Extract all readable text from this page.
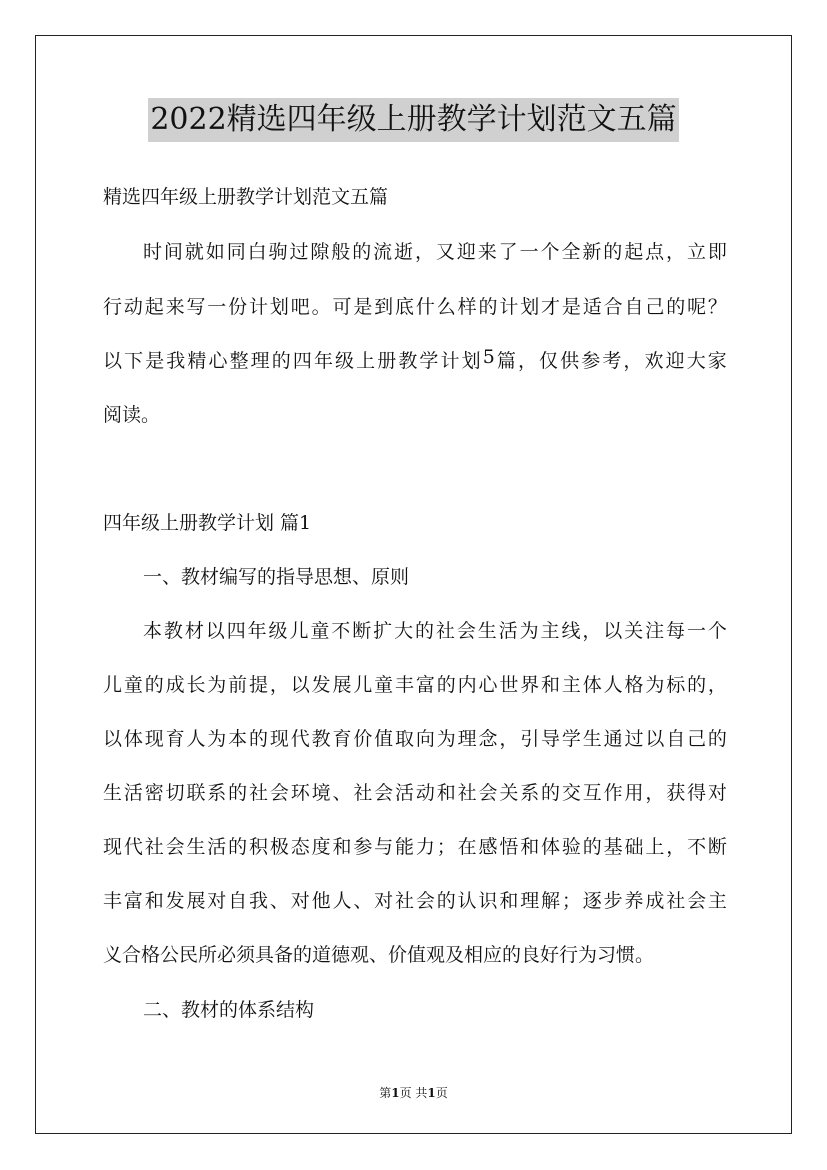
2022精选四年级上册教学计划范文五篇
精选四年级上册教学计划范文五篇
时 间 就 如 同 白 驹 过 隙 般 的 流 逝 ， 又 迎 来 了 一 个 全 新 的 起 点 ， 立 即
行 动 起 来 写 一 份 计 划 吧 。 可 是 到 底 什 么 样 的 计 划 才 是 适 合 自 己 的 呢 ？
以 下 是 我 精 心 整 理 的 四 年 级 上 册 教 学 计 划 5 篇 ， 仅 供 参 考 ， 欢 迎 大 家
阅读。
四年级上册教学计划 篇1
一、教材编写的指导思想、原则
本 教 材 以 四 年 级 儿 童 不 断 扩 大 的 社 会 生 活 为 主 线 ， 以 关 注 每 一 个
儿 童 的 成 长 为 前 提 ， 以 发 展 儿 童 丰 富 的 内 心 世 界 和 主 体 人 格 为 标 的 ，
以 体 现 育 人 为 本 的 现 代 教 育 价 值 取 向 为 理 念 ， 引 导 学 生 通 过 以 自 己 的
生 活 密 切 联 系 的 社 会 环 境 、 社 会 活 动 和 社 会 关 系 的 交 互 作 用 ， 获 得 对
现 代 社 会 生 活 的 积 极 态 度 和 参 与 能 力 ； 在 感 悟 和 体 验 的 基 础 上 ， 不 断
丰 富 和 发 展 对 自 我 、 对 他 人 、 对 社 会 的 认 识 和 理 解 ； 逐 步 养 成 社 会 主
义合格公民所必须具备的道德观、价值观及相应的良好行为习惯。
二、教材的体系结构
第1页 共1页
